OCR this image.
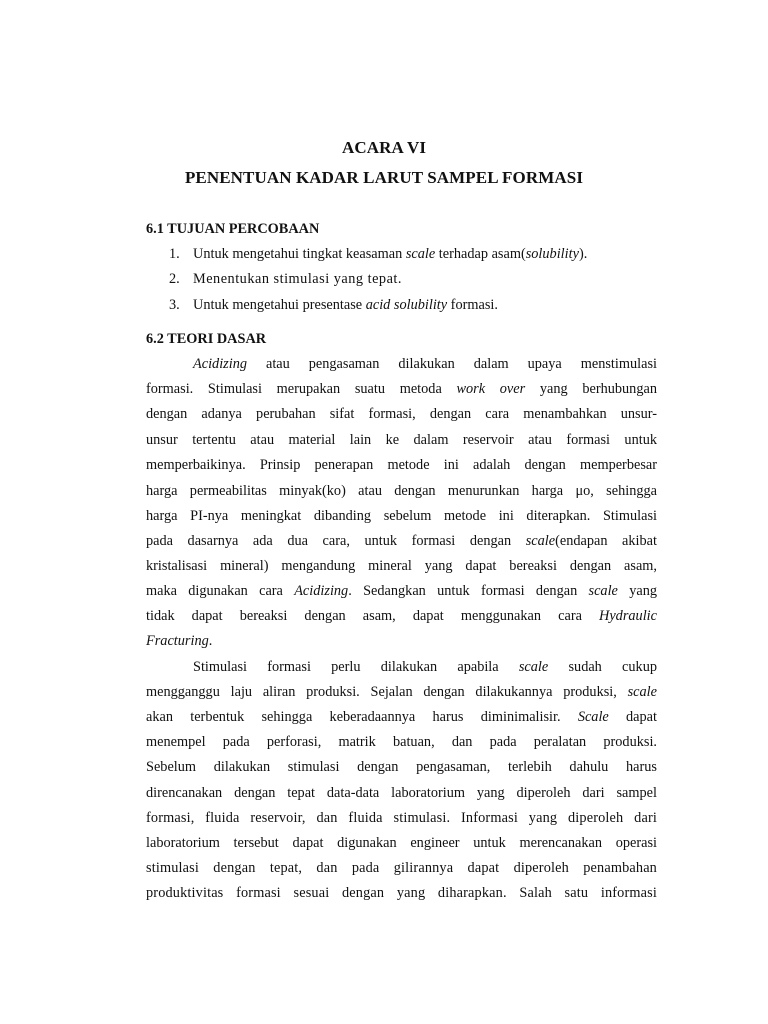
ACARA VI
PENENTUAN KADAR LARUT SAMPEL FORMASI
6.1 TUJUAN PERCOBAAN
1. Untuk mengetahui tingkat keasaman scale terhadap asam(solubility).
2. Menentukan stimulasi yang tepat.
3. Untuk mengetahui presentase acid solubility formasi.
6.2 TEORI DASAR
Acidizing atau pengasaman dilakukan dalam upaya menstimulasi
formasi. Stimulasi merupakan suatu metoda work over yang berhubungan
dengan adanya perubahan sifat formasi, dengan cara menambahkan unsur-
unsur tertentu atau material lain ke dalam reservoir atau formasi untuk
memperbaikinya. Prinsip penerapan metode ini adalah dengan memperbesar
harga permeabilitas minyak(ko) atau dengan menurunkan harga μo, sehingga
harga PI-nya meningkat dibanding sebelum metode ini diterapkan. Stimulasi
pada dasarnya ada dua cara, untuk formasi dengan scale(endapan akibat
kristalisasi mineral) mengandung mineral yang dapat bereaksi dengan asam,
maka digunakan cara Acidizing. Sedangkan untuk formasi dengan scale yang
tidak dapat bereaksi dengan asam, dapat menggunakan cara Hydraulic
Fracturing.
Stimulasi formasi perlu dilakukan apabila scale sudah cukup
mengganggu laju aliran produksi. Sejalan dengan dilakukannya produksi, scale
akan terbentuk sehingga keberadaannya harus diminimalisir. Scale dapat
menempel pada perforasi, matrik batuan, dan pada peralatan produksi.
Sebelum dilakukan stimulasi dengan pengasaman, terlebih dahulu harus
direncanakan dengan tepat data-data laboratorium yang diperoleh dari sampel
formasi, fluida reservoir, dan fluida stimulasi. Informasi yang diperoleh dari
laboratorium tersebut dapat digunakan engineer untuk merencanakan operasi
stimulasi dengan tepat, dan pada gilirannya dapat diperoleh penambahan
produktivitas formasi sesuai dengan yang diharapkan. Salah satu informasi
